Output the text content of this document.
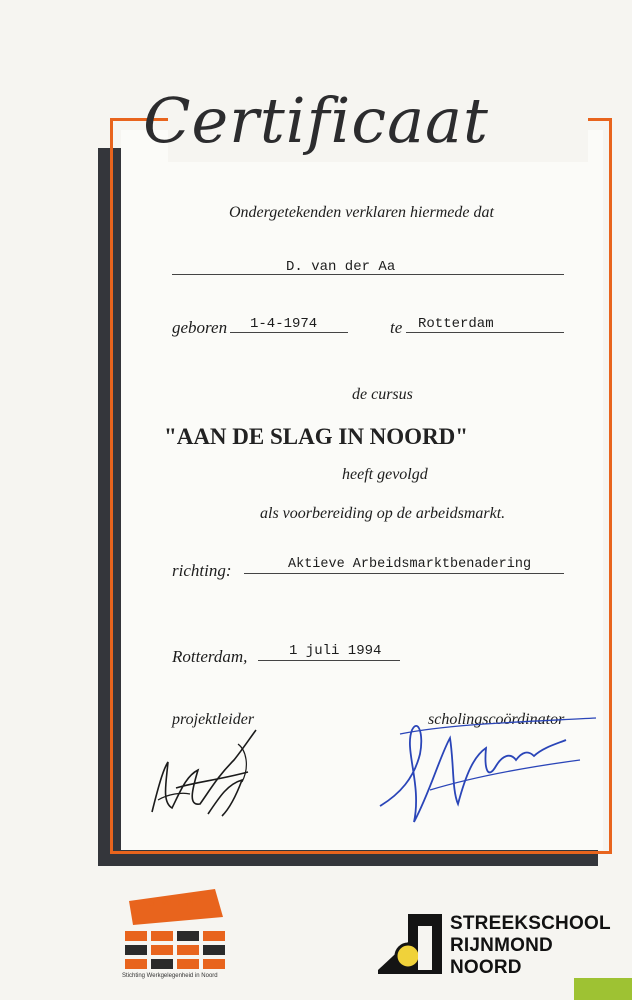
Certificaat
Ondergetekenden verklaren hiermede dat
D. van der Aa
geboren 1-4-1974	te Rotterdam
de cursus
"AAN DE SLAG IN NOORD"
heeft gevolgd
als voorbereiding op de arbeidsmarkt.
richting:	Aktieve Arbeidsmarktbenadering
Rotterdam,	1 juli 1994
projektleider	scholingscoördinator
SWIN
Stichting Werkgelegenheid in Noord
STREEKSCHOOL
RIJNMOND
NOORD
